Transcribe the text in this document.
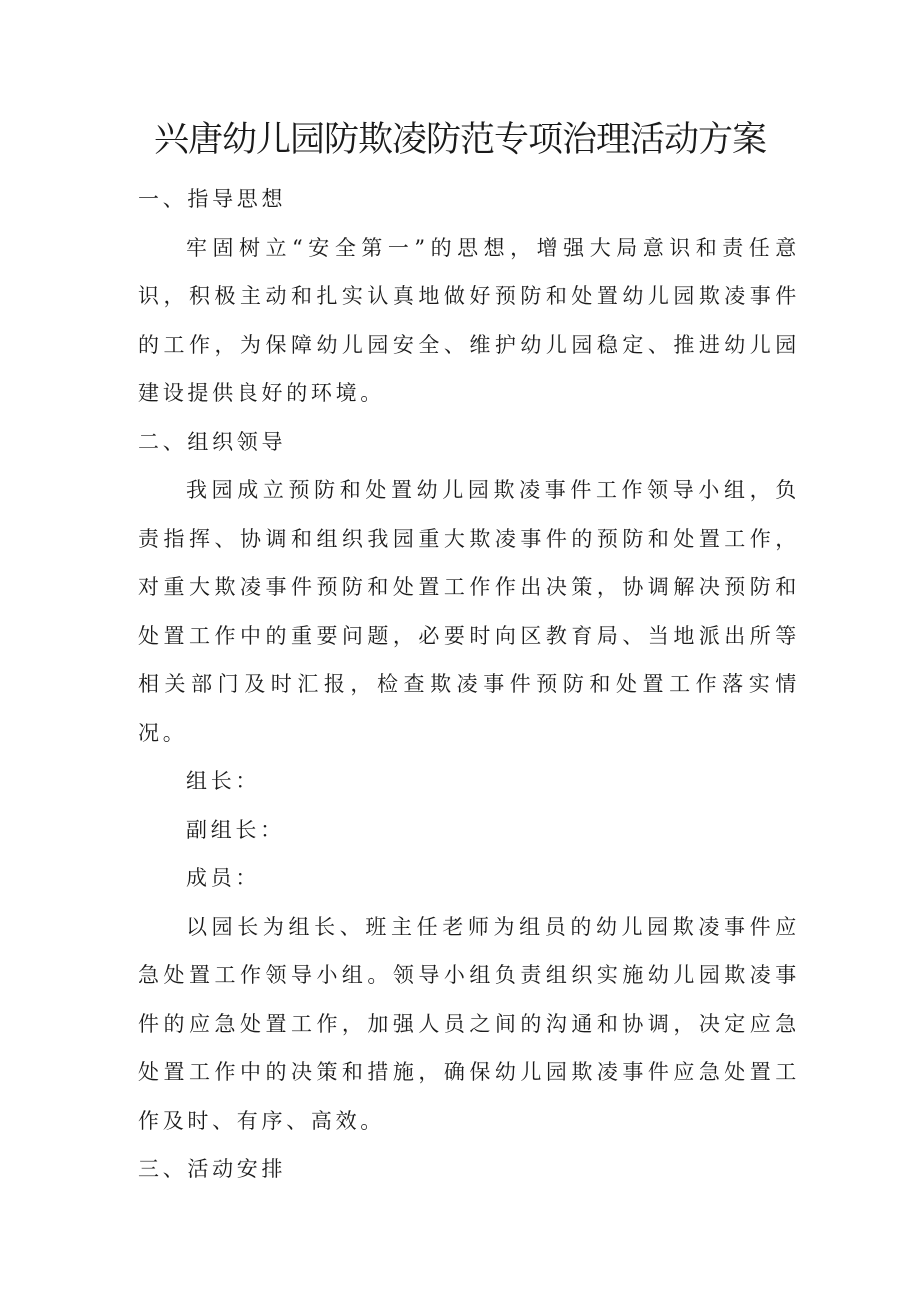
兴唐幼儿园防欺凌防范专项治理活动方案

一、指导思想

牢固树立“安全第一”的思想，增强大局意识和责任意识，积极主动和扎实认真地做好预防和处置幼儿园欺凌事件的工作，为保障幼儿园安全、维护幼儿园稳定、推进幼儿园建设提供良好的环境。

二、组织领导

我园成立预防和处置幼儿园欺凌事件工作领导小组，负责指挥、协调和组织我园重大欺凌事件的预防和处置工作，对重大欺凌事件预防和处置工作作出决策，协调解决预防和处置工作中的重要问题，必要时向区教育局、当地派出所等相关部门及时汇报，检查欺凌事件预防和处置工作落实情况。

组长：

副组长：

成员：

以园长为组长、班主任老师为组员的幼儿园欺凌事件应急处置工作领导小组。领导小组负责组织实施幼儿园欺凌事件的应急处置工作，加强人员之间的沟通和协调，决定应急处置工作中的决策和措施，确保幼儿园欺凌事件应急处置工作及时、有序、高效。

三、活动安排
